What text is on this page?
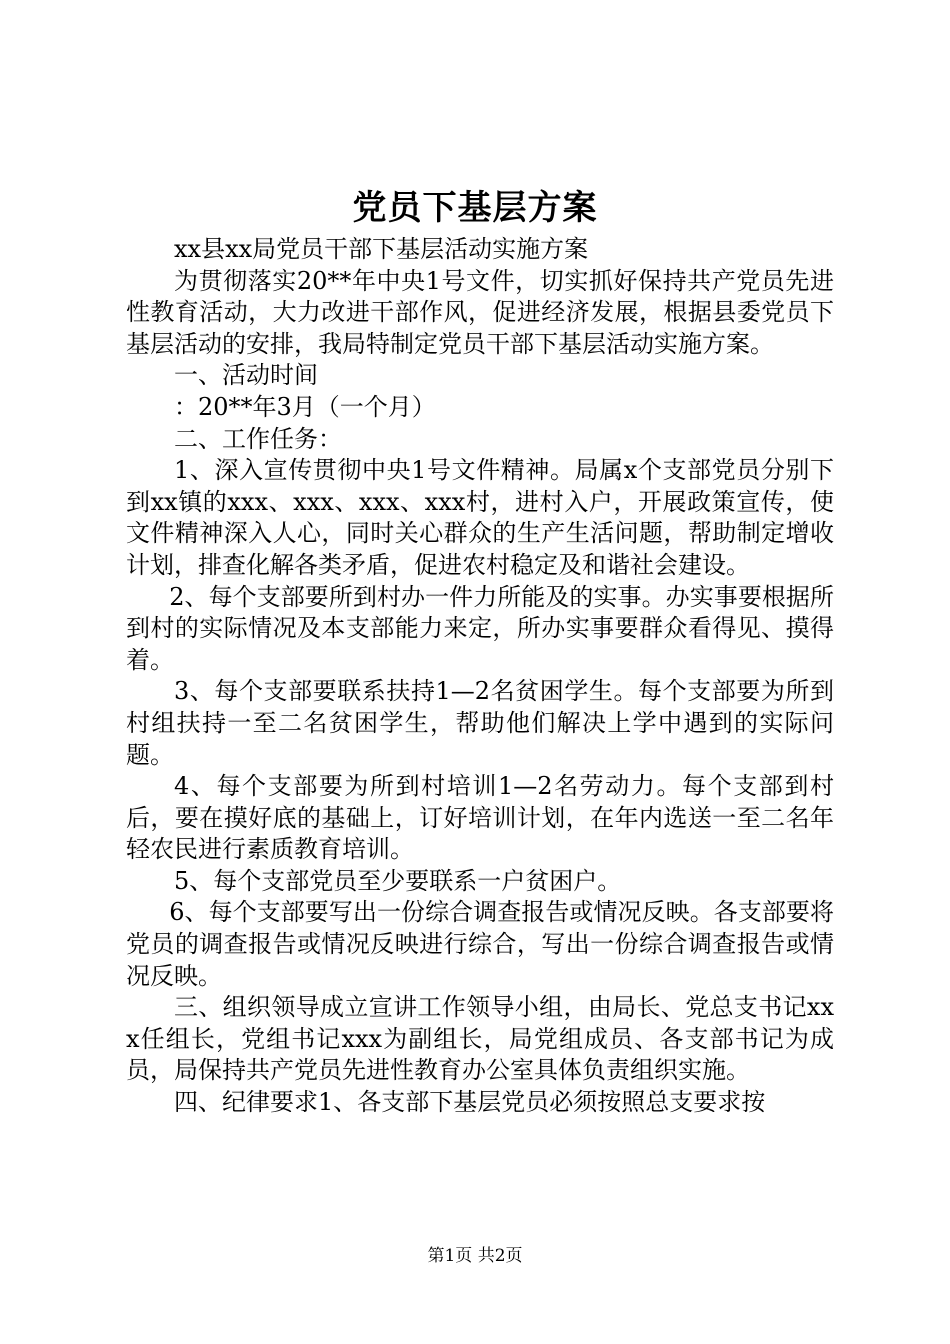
党员下基层方案

xx县xx局党员干部下基层活动实施方案

为贯彻落实20**年中央1号文件，切实抓好保持共产党员先进性教育活动，大力改进干部作风，促进经济发展，根据县委党员下基层活动的安排，我局特制定党员干部下基层活动实施方案。

一、活动时间

：20**年3月（一个月）

二、工作任务：

1、深入宣传贯彻中央1号文件精神。局属x个支部党员分别下到xx镇的xxx、xxx、xxx、xxx村，进村入户，开展政策宣传，使文件精神深入人心，同时关心群众的生产生活问题，帮助制定增收计划，排查化解各类矛盾，促进农村稳定及和谐社会建设。

2、每个支部要所到村办一件力所能及的实事。办实事要根据所到村的实际情况及本支部能力来定，所办实事要群众看得见、摸得着。

3、每个支部要联系扶持1—2名贫困学生。每个支部要为所到村组扶持一至二名贫困学生，帮助他们解决上学中遇到的实际问题。

4、每个支部要为所到村培训1—2名劳动力。每个支部到村后，要在摸好底的基础上，订好培训计划，在年内选送一至二名年轻农民进行素质教育培训。

5、每个支部党员至少要联系一户贫困户。

6、每个支部要写出一份综合调查报告或情况反映。各支部要将党员的调查报告或情况反映进行综合，写出一份综合调查报告或情况反映。

三、组织领导成立宣讲工作领导小组，由局长、党总支书记xxx任组长，党组书记xxx为副组长，局党组成员、各支部书记为成员，局保持共产党员先进性教育办公室具体负责组织实施。

四、纪律要求1、各支部下基层党员必须按照总支要求按

第1页 共2页
